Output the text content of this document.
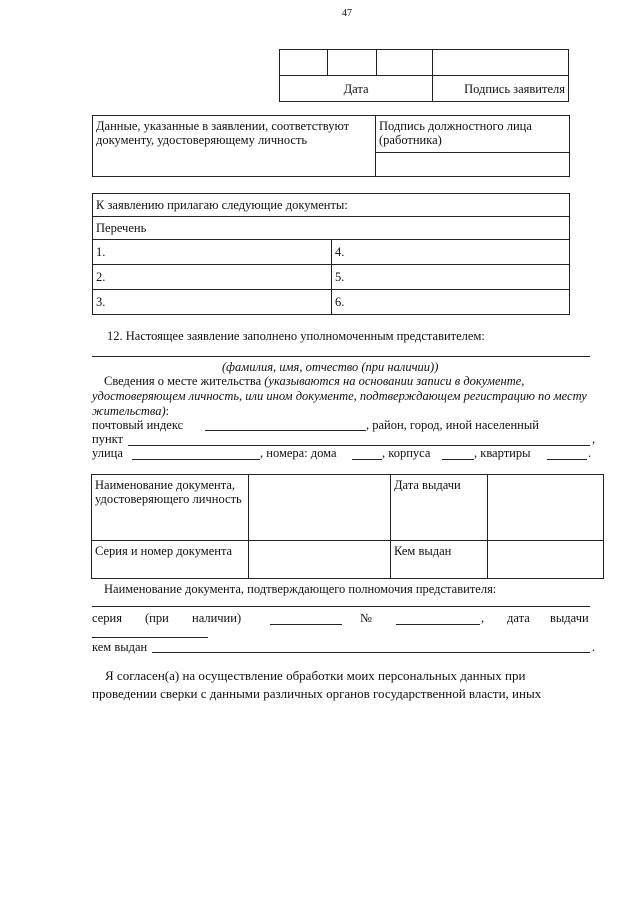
47

Дата			Подпись заявителя
Данные, указанные в заявлении, соответствуют документу, удостоверяющему личность	Подпись должностного лица (работника)

К заявлению прилагаю следующие документы:	
Перечень	
1.	4.
2.	5.
3.	6.
12. Настоящее заявление заполнено уполномоченным представителем:
(фамилия, имя, отчество (при наличии))
Сведения о месте жительства (указываются на основании записи в документе, удостоверяющем личность, или ином документе, подтверждающем регистрацию по месту жительства):
почтовый индекс	, район, город, иной населенный
пункт	,
улица	, номера: дома	, корпуса	, квартиры	.
Наименование документа, удостоверяющего личность		Дата выдачи	
Серия и номер документа		Кем выдан	
Наименование документа, подтверждающего полномочия представителя:
серия (при наличии)	№	, дата выдачи
кем выдан	.
Я согласен(а) на осуществление обработки моих персональных данных при
проведении сверки с данными различных органов государственной власти, иных
